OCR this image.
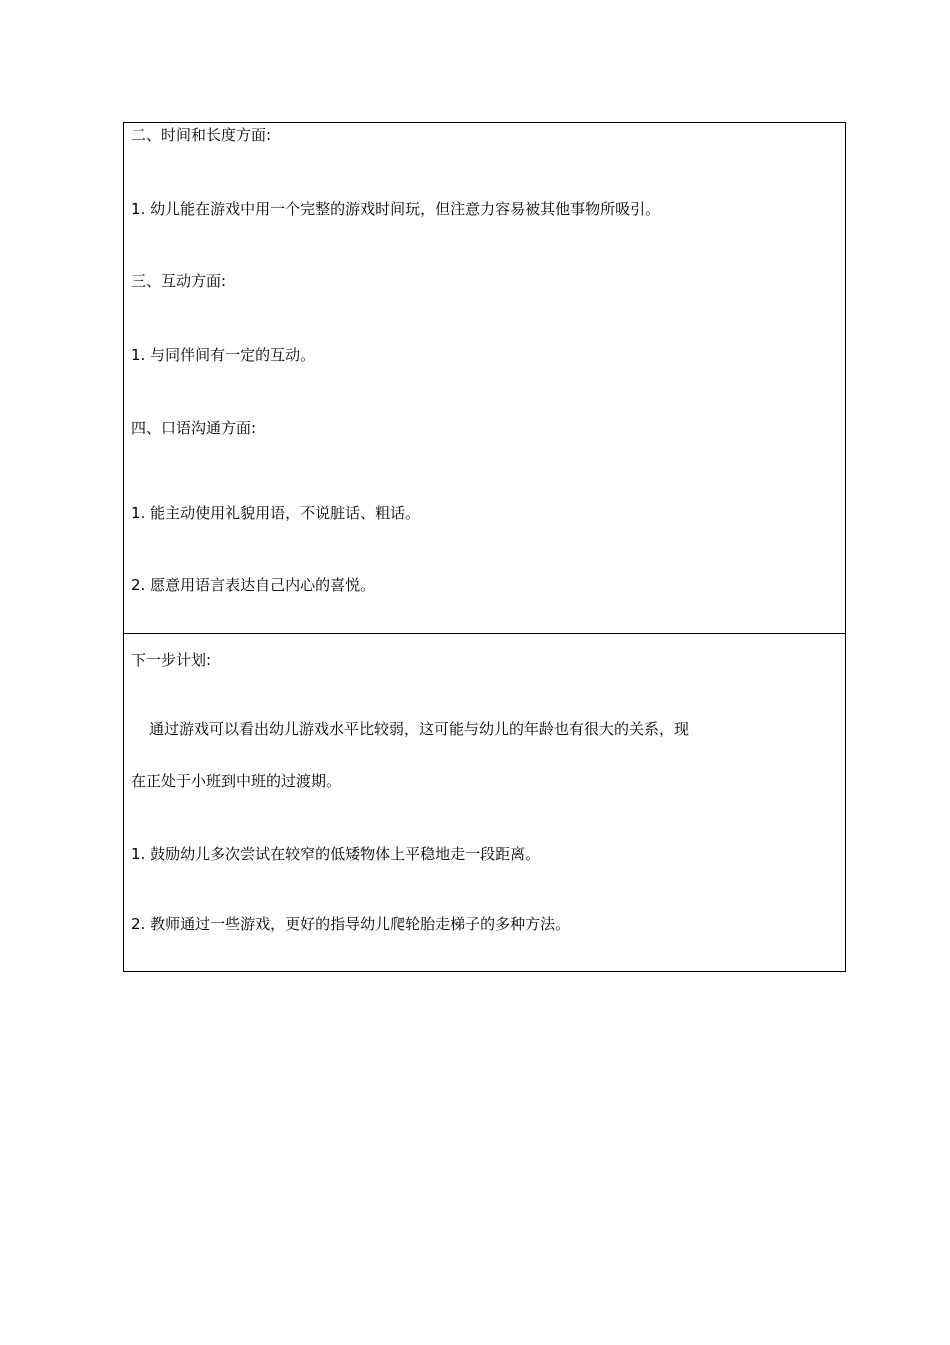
二、时间和长度方面:

1. 幼儿能在游戏中用一个完整的游戏时间玩，但注意力容易被其他事物所吸引。

三、互动方面:

1. 与同伴间有一定的互动。

四、口语沟通方面:

1. 能主动使用礼貌用语，不说脏话、粗话。

2. 愿意用语言表达自己内心的喜悦。

下一步计划:

通过游戏可以看出幼儿游戏水平比较弱，这可能与幼儿的年龄也有很大的关系，现

在正处于小班到中班的过渡期。

1. 鼓励幼儿多次尝试在较窄的低矮物体上平稳地走一段距离。

2. 教师通过一些游戏，更好的指导幼儿爬轮胎走梯子的多种方法。
